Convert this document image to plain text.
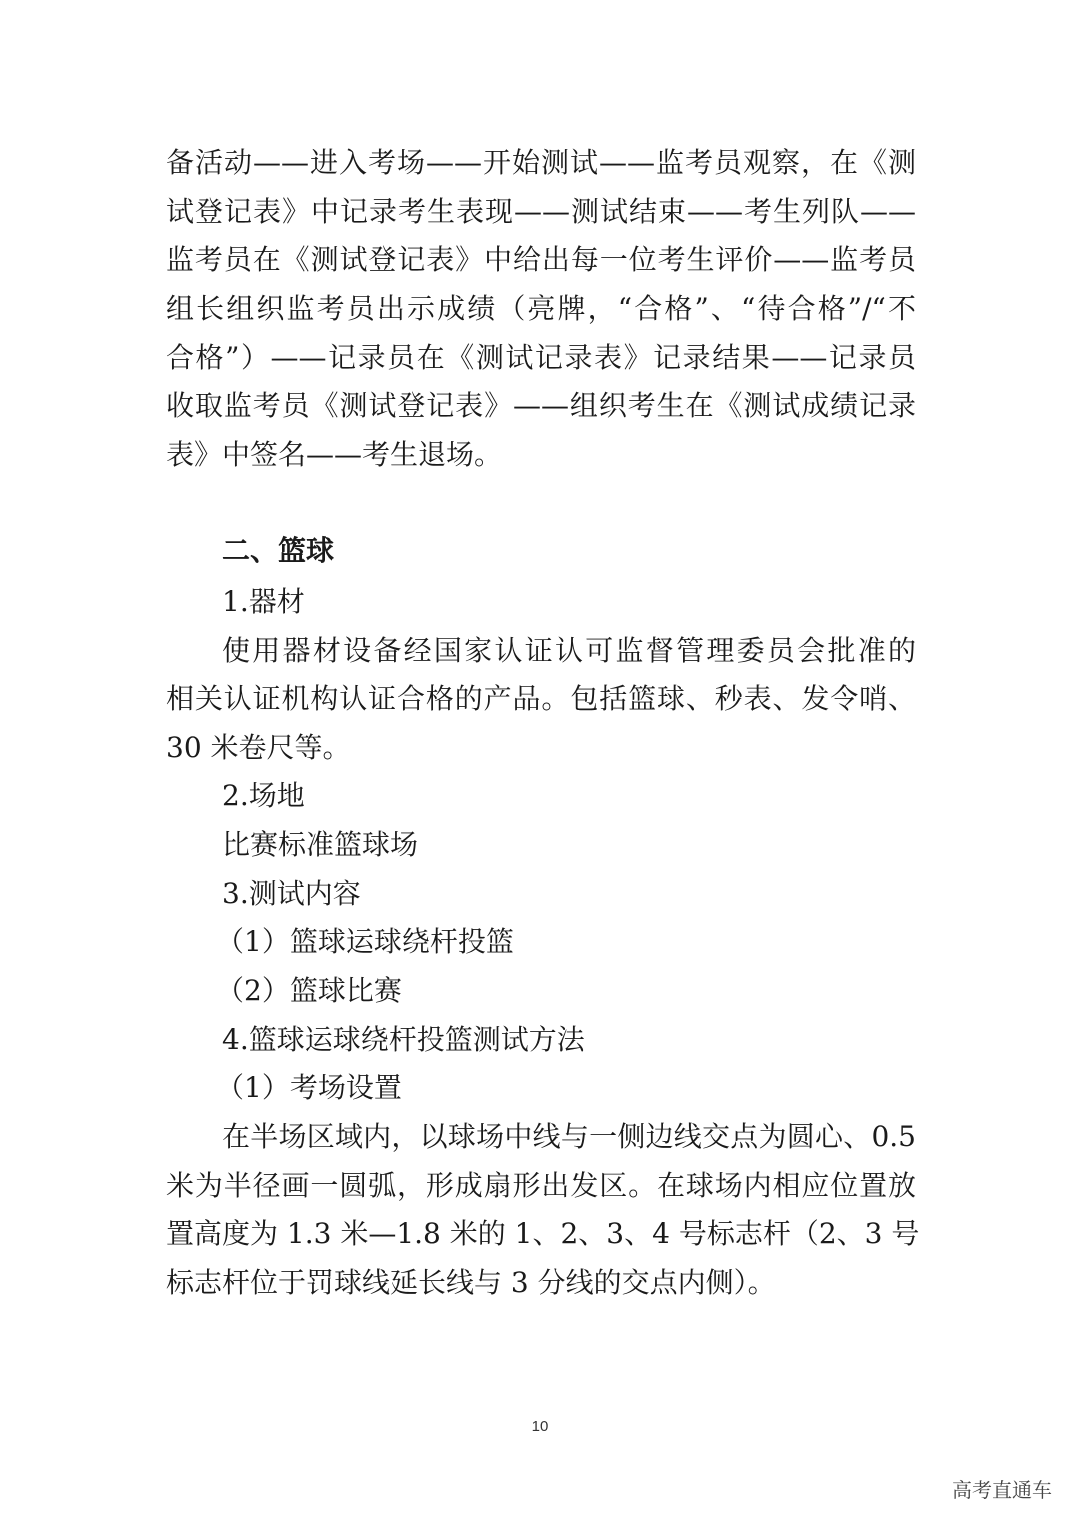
备活动——进入考场——开始测试——监考员观察，在《测
试登记表》中记录考生表现——测试结束——考生列队——
监考员在《测试登记表》中给出每一位考生评价——监考员
组长组织监考员出示成绩（亮牌，“合格”、“待合格”/“不
合格”）——记录员在《测试记录表》记录结果——记录员
收取监考员《测试登记表》——组织考生在《测试成绩记录
表》中签名——考生退场。
二、篮球
1.器材
使用器材设备经国家认证认可监督管理委员会批准的
相关认证机构认证合格的产品。包括篮球、秒表、发令哨、
30 米卷尺等。
2.场地
比赛标准篮球场
3.测试内容
（1）篮球运球绕杆投篮
（2）篮球比赛
4.篮球运球绕杆投篮测试方法
（1）考场设置
在半场区域内，以球场中线与一侧边线交点为圆心、0.5
米为半径画一圆弧，形成扇形出发区。在球场内相应位置放
置高度为 1.3 米—1.8 米的 1、2、3、4 号标志杆（2、3 号
标志杆位于罚球线延长线与 3 分线的交点内侧）。
10
高考直通车
